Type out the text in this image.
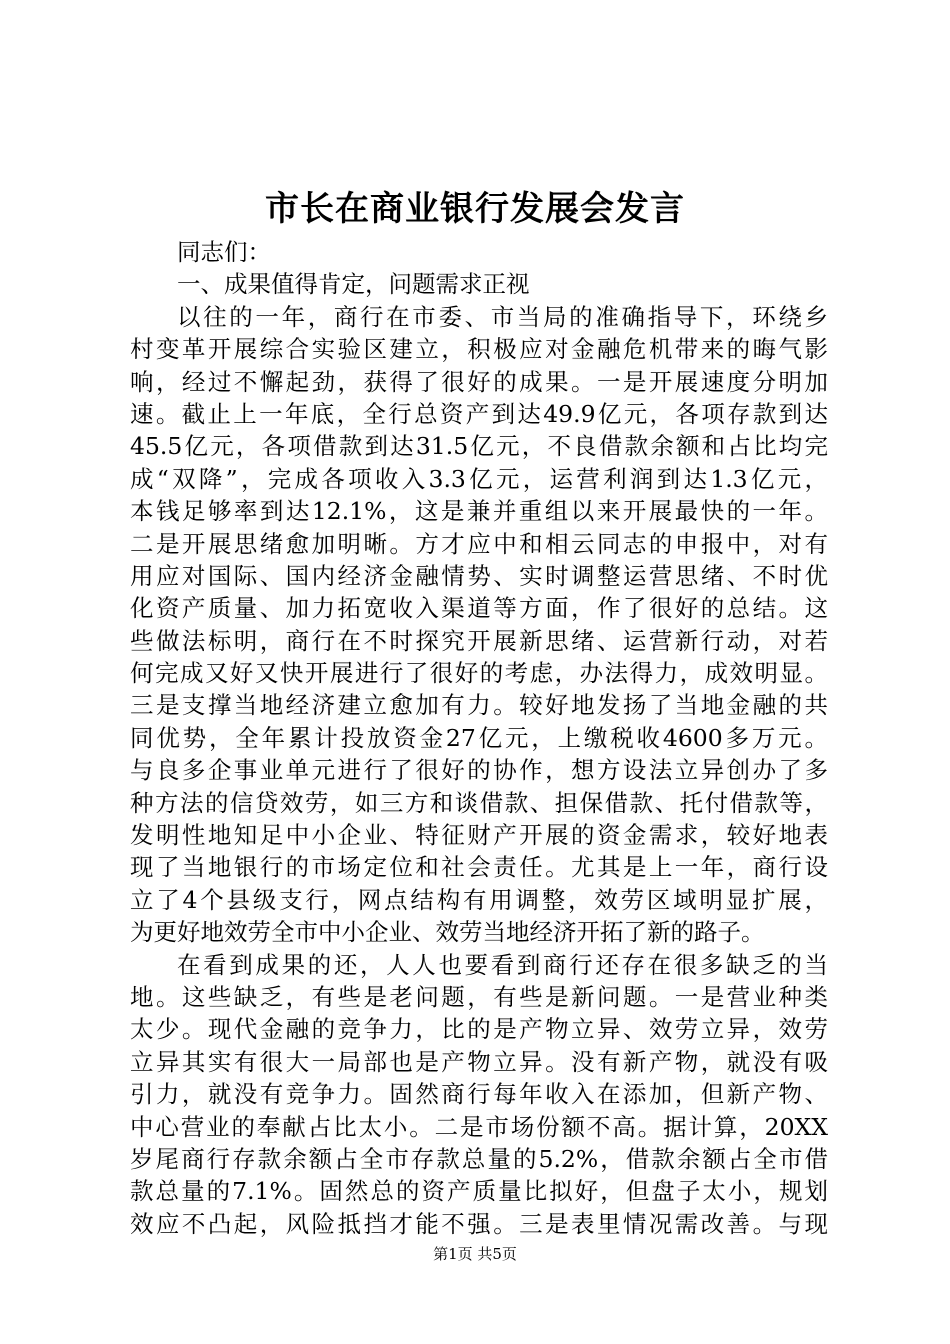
市长在商业银行发展会发言
同志们：
一、成果值得肯定，问题需求正视
以往的一年，商行在市委、市当局的准确指导下，环绕乡
村变革开展综合实验区建立，积极应对金融危机带来的晦气影
响，经过不懈起劲，获得了很好的成果。一是开展速度分明加
速。截止上一年底，全行总资产到达49.9亿元，各项存款到达
45.5亿元，各项借款到达31.5亿元，不良借款余额和占比均完
成“双降”，完成各项收入3.3亿元，运营利润到达1.3亿元，
本钱足够率到达12.1%，这是兼并重组以来开展最快的一年。
二是开展思绪愈加明晰。方才应中和相云同志的申报中，对有
用应对国际、国内经济金融情势、实时调整运营思绪、不时优
化资产质量、加力拓宽收入渠道等方面，作了很好的总结。这
些做法标明，商行在不时探究开展新思绪、运营新行动，对若
何完成又好又快开展进行了很好的考虑，办法得力，成效明显。
三是支撑当地经济建立愈加有力。较好地发扬了当地金融的共
同优势，全年累计投放资金27亿元，上缴税收4600多万元。
与良多企事业单元进行了很好的协作，想方设法立异创办了多
种方法的信贷效劳，如三方和谈借款、担保借款、托付借款等，
发明性地知足中小企业、特征财产开展的资金需求，较好地表
现了当地银行的市场定位和社会责任。尤其是上一年，商行设
立了4个县级支行，网点结构有用调整，效劳区域明显扩展，
为更好地效劳全市中小企业、效劳当地经济开拓了新的路子。
在看到成果的还，人人也要看到商行还存在很多缺乏的当
地。这些缺乏，有些是老问题，有些是新问题。一是营业种类
太少。现代金融的竞争力，比的是产物立异、效劳立异，效劳
立异其实有很大一局部也是产物立异。没有新产物，就没有吸
引力，就没有竞争力。固然商行每年收入在添加，但新产物、
中心营业的奉献占比太小。二是市场份额不高。据计算，20XX
岁尾商行存款余额占全市存款总量的5.2%，借款余额占全市借
款总量的7.1%。固然总的资产质量比拟好，但盘子太小，规划
效应不凸起，风险抵挡才能不强。三是表里情况需改善。与现
第1页 共5页
